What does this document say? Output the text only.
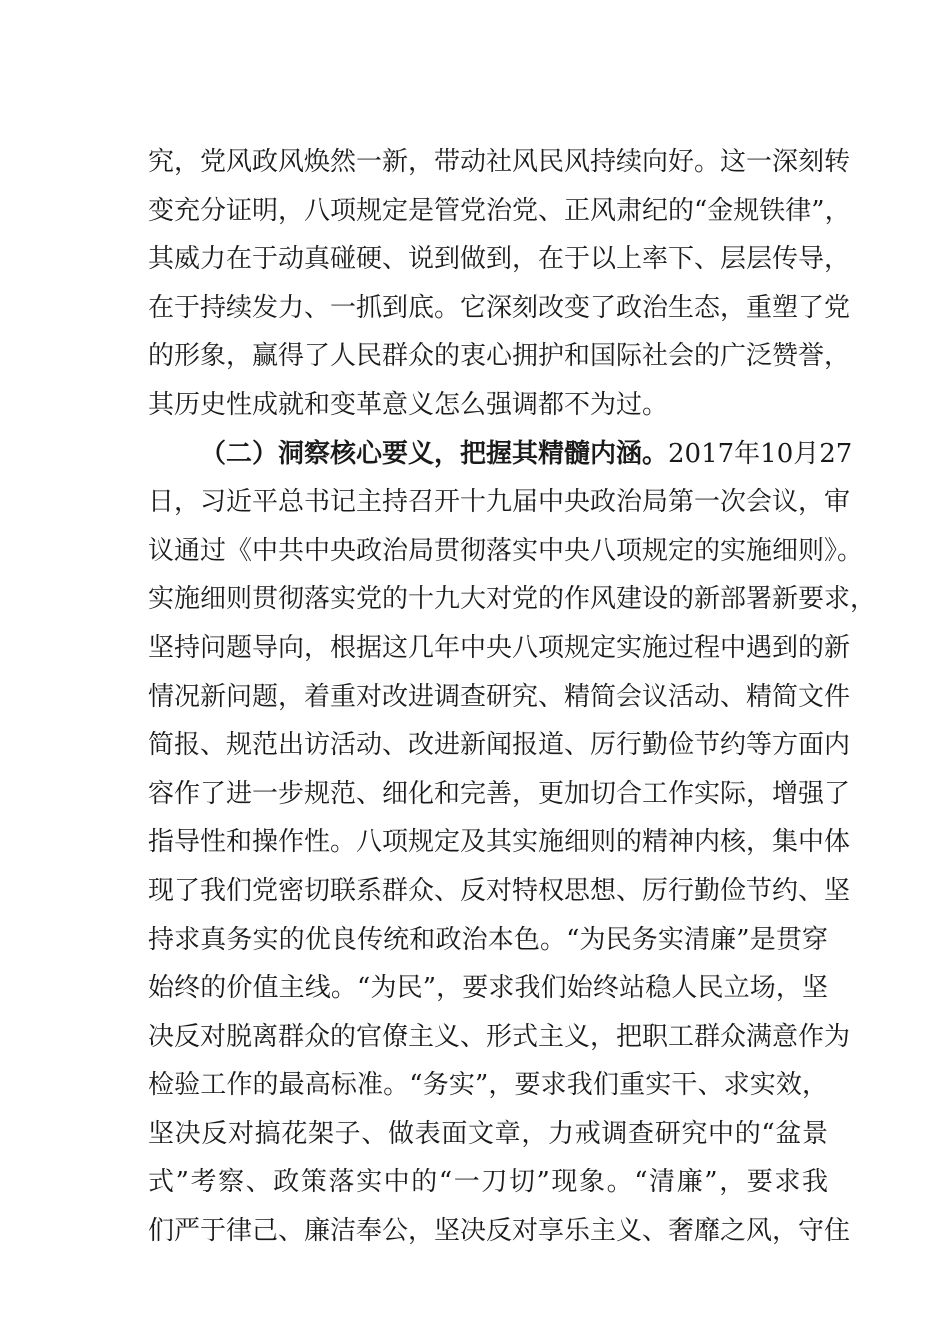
究，党风政风焕然一新，带动社风民风持续向好。这一深刻转
变充分证明，八项规定是管党治党、正风肃纪的“金规铁律”，
其威力在于动真碰硬、说到做到，在于以上率下、层层传导，
在于持续发力、一抓到底。它深刻改变了政治生态，重塑了党
的形象，赢得了人民群众的衷心拥护和国际社会的广泛赞誉，
其历史性成就和变革意义怎么强调都不为过。
（二）洞察核心要义，把握其精髓内涵。2017年10月27
日，习近平总书记主持召开十九届中央政治局第一次会议，审
议通过《中共中央政治局贯彻落实中央八项规定的实施细则》。
实施细则贯彻落实党的十九大对党的作风建设的新部署新要求，
坚持问题导向，根据这几年中央八项规定实施过程中遇到的新
情况新问题，着重对改进调查研究、精简会议活动、精简文件
简报、规范出访活动、改进新闻报道、厉行勤俭节约等方面内
容作了进一步规范、细化和完善，更加切合工作实际，增强了
指导性和操作性。八项规定及其实施细则的精神内核，集中体
现了我们党密切联系群众、反对特权思想、厉行勤俭节约、坚
持求真务实的优良传统和政治本色。“为民务实清廉”是贯穿
始终的价值主线。“为民”，要求我们始终站稳人民立场，坚
决反对脱离群众的官僚主义、形式主义，把职工群众满意作为
检验工作的最高标准。“务实”，要求我们重实干、求实效，
坚决反对搞花架子、做表面文章，力戒调查研究中的“盆景
式”考察、政策落实中的“一刀切”现象。“清廉”，要求我
们严于律己、廉洁奉公，坚决反对享乐主义、奢靡之风，守住
